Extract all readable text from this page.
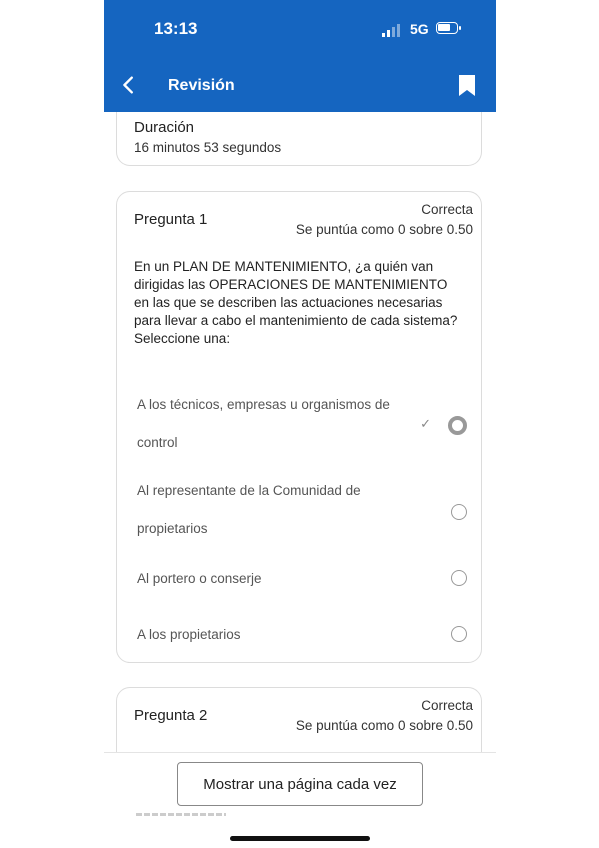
13:13	5G
Revisión
Duración
16 minutos 53 segundos
Pregunta 1
Correcta
Se puntúa como 0 sobre 0.50
En un PLAN DE MANTENIMIENTO, ¿a quién van dirigidas las OPERACIONES DE MANTENIMIENTO en las que se describen las actuaciones necesarias para llevar a cabo el mantenimiento de cada sistema?
Seleccione una:
A los técnicos, empresas u organismos de control
✓
Al representante de la Comunidad de propietarios
Al portero o conserje
A los propietarios
Pregunta 2
Correcta
Se puntúa como 0 sobre 0.50
Mostrar una página cada vez
